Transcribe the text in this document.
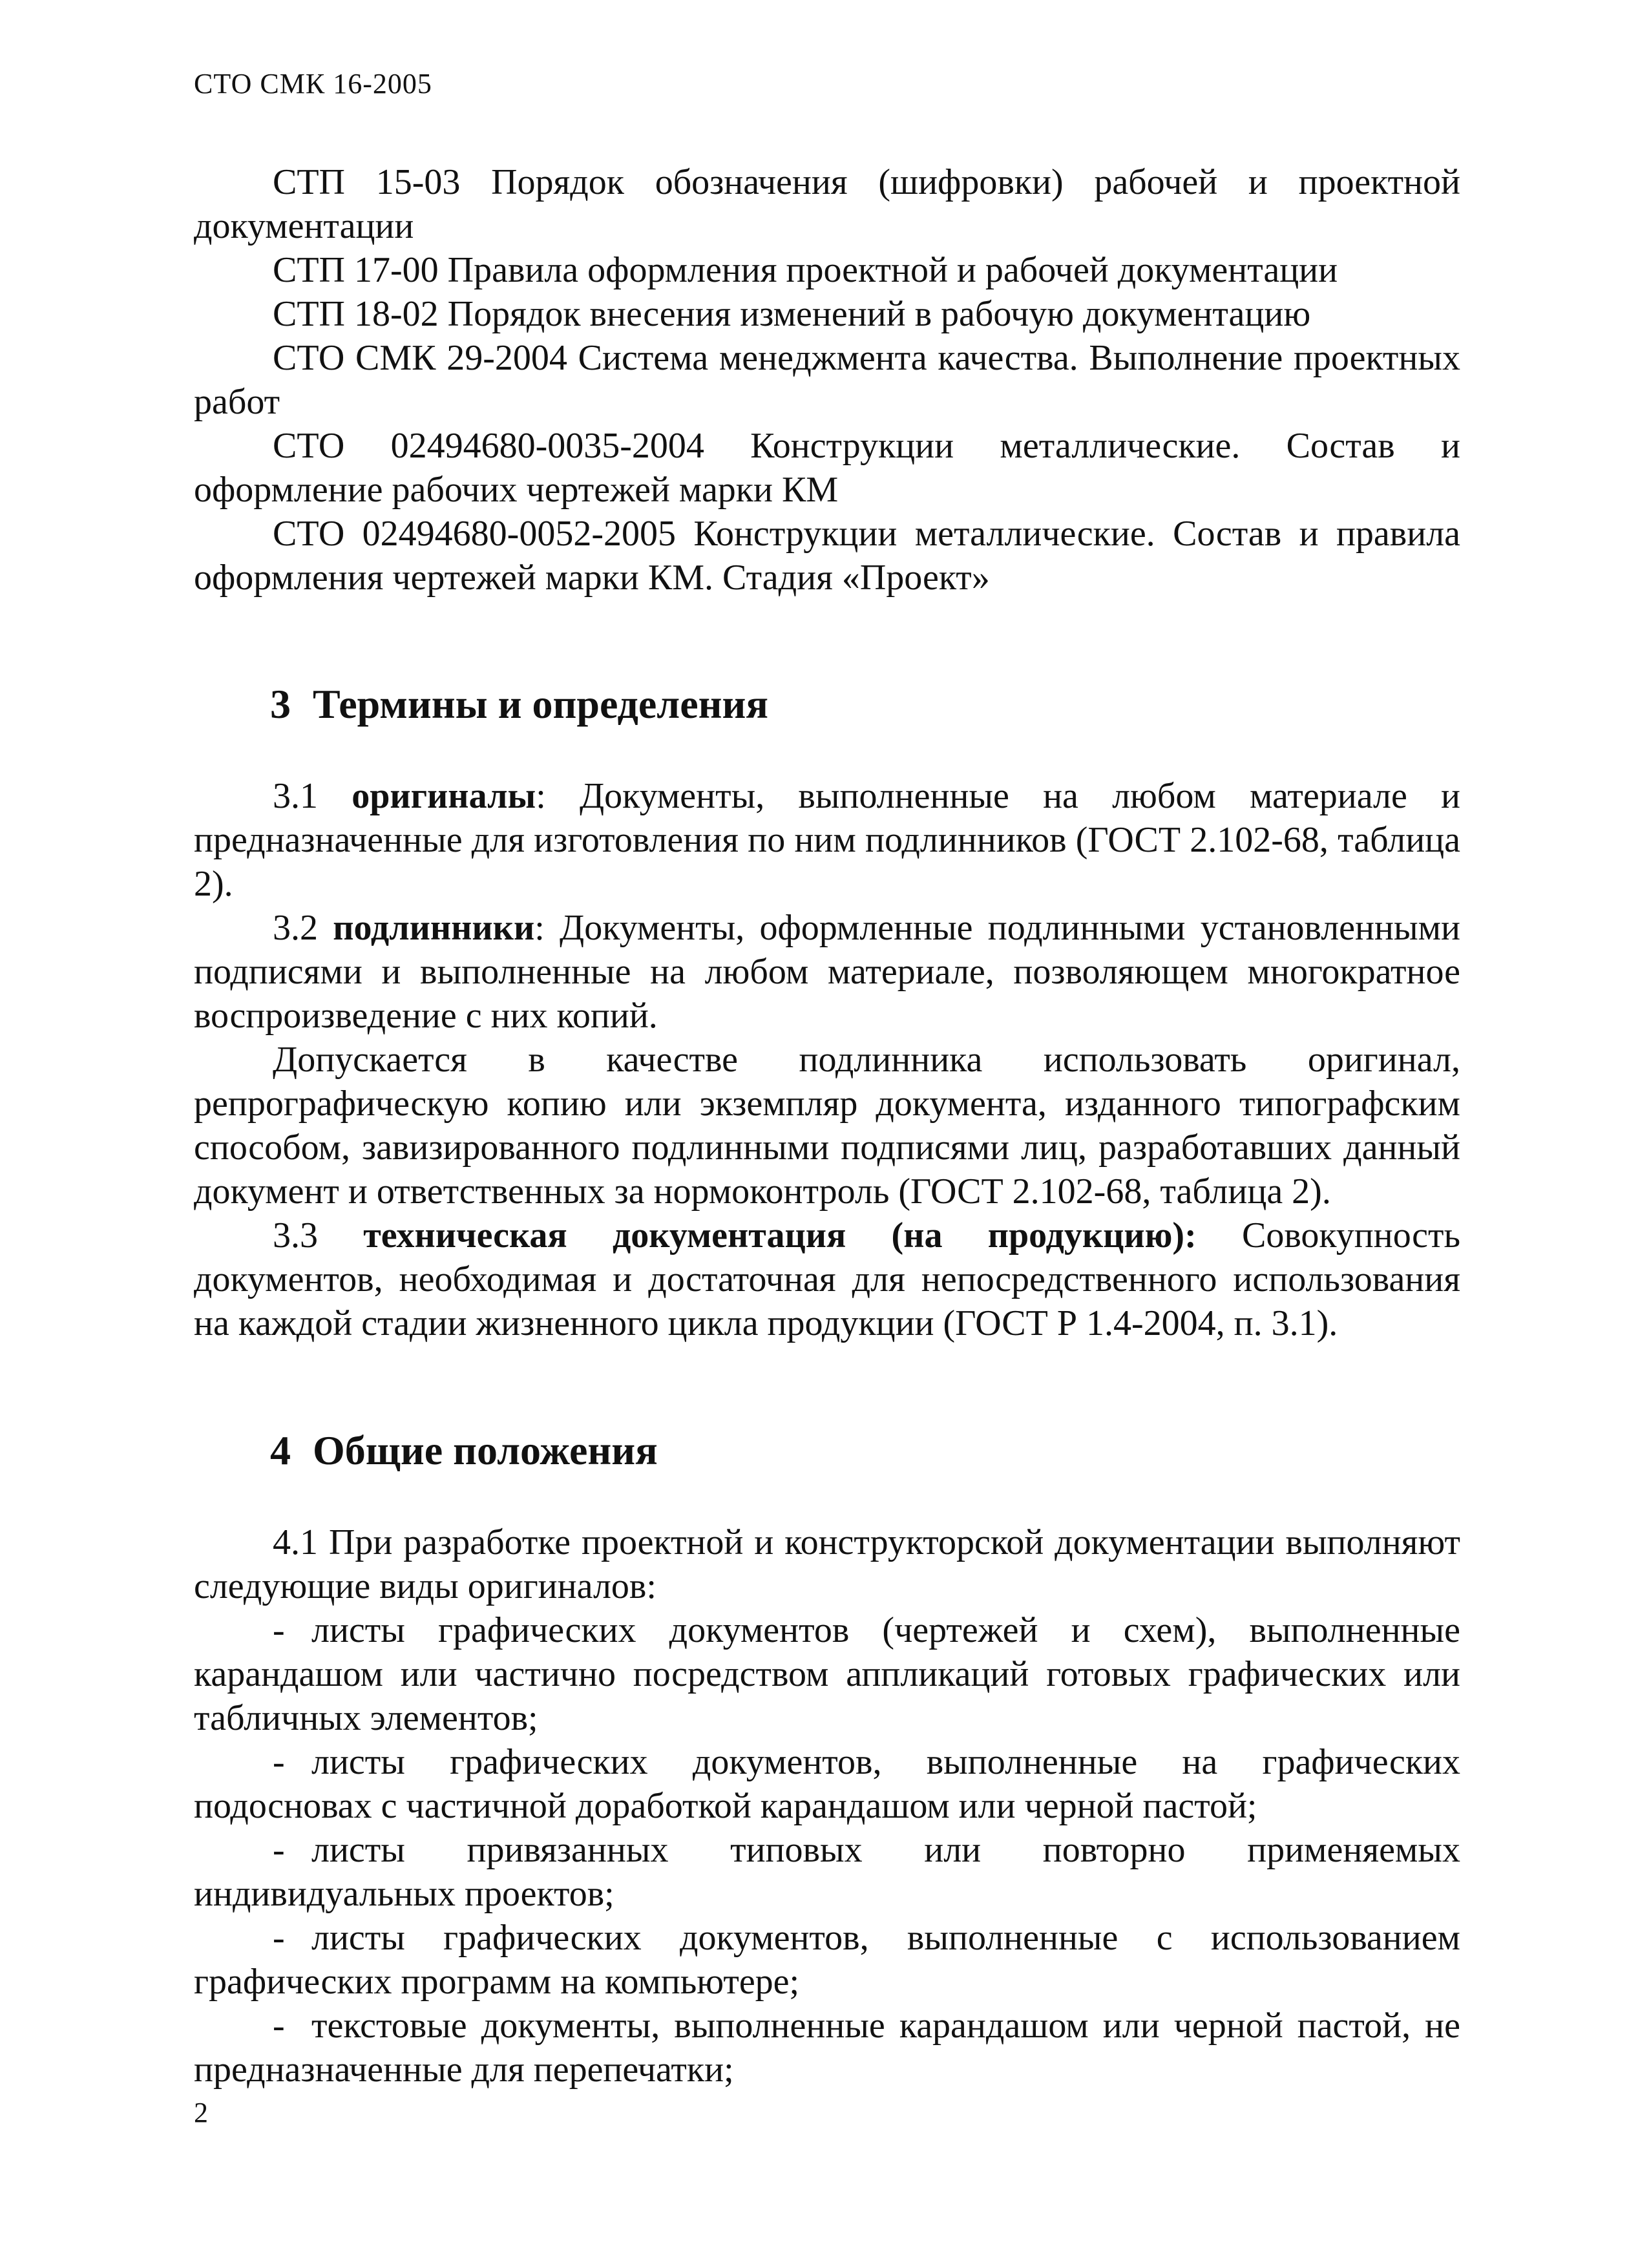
СТО СМК 16-2005

СТП 15-03 Порядок обозначения (шифровки) рабочей и проектной документации

СТП 17-00 Правила оформления проектной и рабочей документации

СТП 18-02 Порядок внесения изменений в рабочую документацию

СТО СМК 29-2004 Система менеджмента качества. Выполнение проектных работ

СТО 02494680-0035-2004 Конструкции металлические. Состав и оформление рабочих чертежей марки КМ

СТО 02494680-0052-2005 Конструкции металлические. Состав и правила оформления чертежей марки КМ. Стадия «Проект»

3 Термины и определения

3.1 оригиналы: Документы, выполненные на любом материале и предназначенные для изготовления по ним подлинников (ГОСТ 2.102-68, таблица 2).

3.2 подлинники: Документы, оформленные подлинными установленными подписями и выполненные на любом материале, позволяющем многократное воспроизведение с них копий.

Допускается в качестве подлинника использовать оригинал, репрографическую копию или экземпляр документа, изданного типографским способом, завизированного подлинными подписями лиц, разработавших данный документ и ответственных за нормоконтроль (ГОСТ 2.102-68, таблица 2).

3.3 техническая документация (на продукцию): Совокупность документов, необходимая и достаточная для непосредственного использования на каждой стадии жизненного цикла продукции (ГОСТ Р 1.4-2004, п. 3.1).

4 Общие положения

4.1 При разработке проектной и конструкторской документации выполняют следующие виды оригиналов:

- листы графических документов (чертежей и схем), выполненные карандашом или частично посредством аппликаций готовых графических или табличных элементов;

- листы графических документов, выполненные на графических подосновах с частичной доработкой карандашом или черной пастой;

- листы привязанных типовых или повторно применяемых индивидуальных проектов;

- листы графических документов, выполненные с использованием графических программ на компьютере;

- текстовые документы, выполненные карандашом или черной пастой, не предназначенные для перепечатки;

2
